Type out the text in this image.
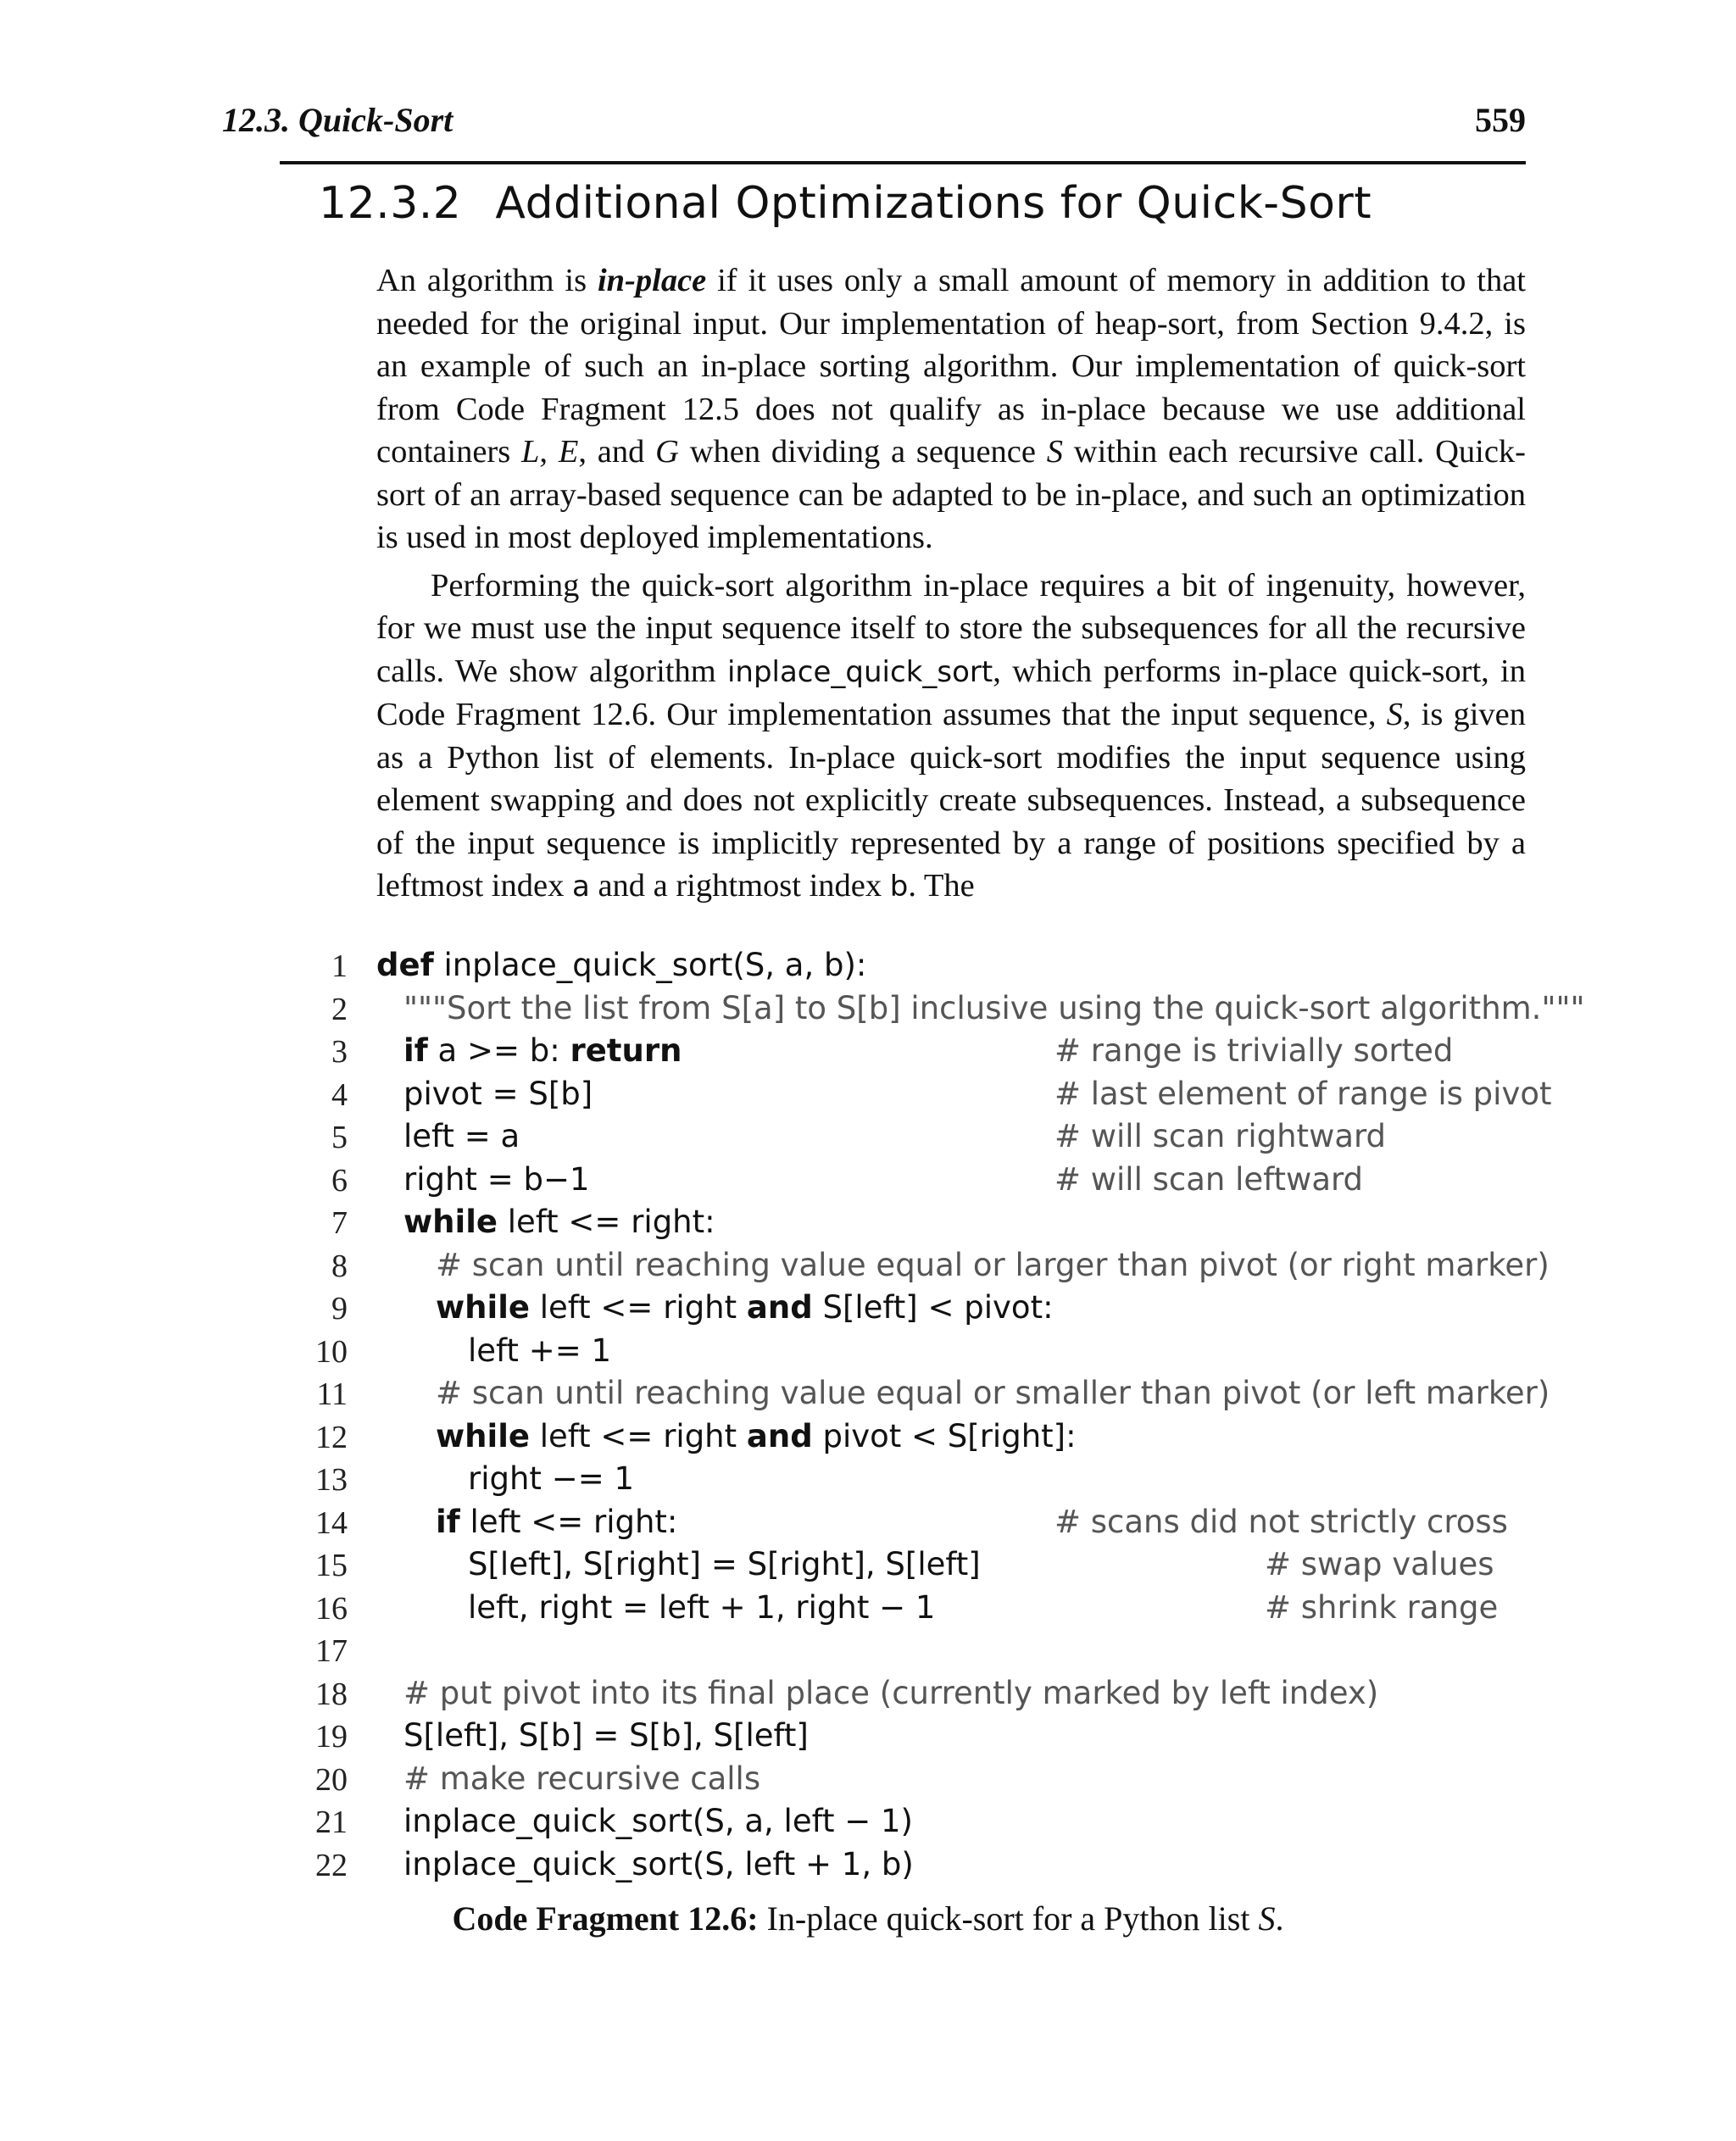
12.3. Quick-Sort	559
12.3.2 Additional Optimizations for Quick-Sort

An algorithm is in-place if it uses only a small amount of memory in addition to that needed for the original input. Our implementation of heap-sort, from Section 9.4.2, is an example of such an in-place sorting algorithm. Our implementation of quick-sort from Code Fragment 12.5 does not qualify as in-place because we use additional containers L, E, and G when dividing a sequence S within each recursive call. Quick-sort of an array-based sequence can be adapted to be in-place, and such an optimization is used in most deployed implementations.

Performing the quick-sort algorithm in-place requires a bit of ingenuity, however, for we must use the input sequence itself to store the subsequences for all the recursive calls. We show algorithm inplace_quick_sort, which performs in-place quick-sort, in Code Fragment 12.6. Our implementation assumes that the input sequence, S, is given as a Python list of elements. In-place quick-sort modifies the input sequence using element swapping and does not explicitly create subsequences. Instead, a subsequence of the input sequence is implicitly represented by a range of positions specified by a leftmost index a and a rightmost index b. The

1 def inplace_quick_sort(S, a, b):
2 """Sort the list from S[a] to S[b] inclusive using the quick-sort algorithm."""
3 if a >= b: return	# range is trivially sorted
4 pivot = S[b]	# last element of range is pivot
5 left = a	# will scan rightward
6 right = b−1	# will scan leftward
7 while left <= right:
8	# scan until reaching value equal or larger than pivot (or right marker)
9	while left <= right and S[left] < pivot:
10	left += 1
11	# scan until reaching value equal or smaller than pivot (or left marker)
12	while left <= right and pivot < S[right]:
13	right −= 1
14	if left <= right:	# scans did not strictly cross
15	S[left], S[right] = S[right], S[left]	# swap values
16	left, right = left + 1, right − 1	# shrink range
17
18 # put pivot into its final place (currently marked by left index)
19 S[left], S[b] = S[b], S[left]
20 # make recursive calls
21 inplace_quick_sort(S, a, left − 1)
22 inplace_quick_sort(S, left + 1, b)
Code Fragment 12.6: In-place quick-sort for a Python list S.
